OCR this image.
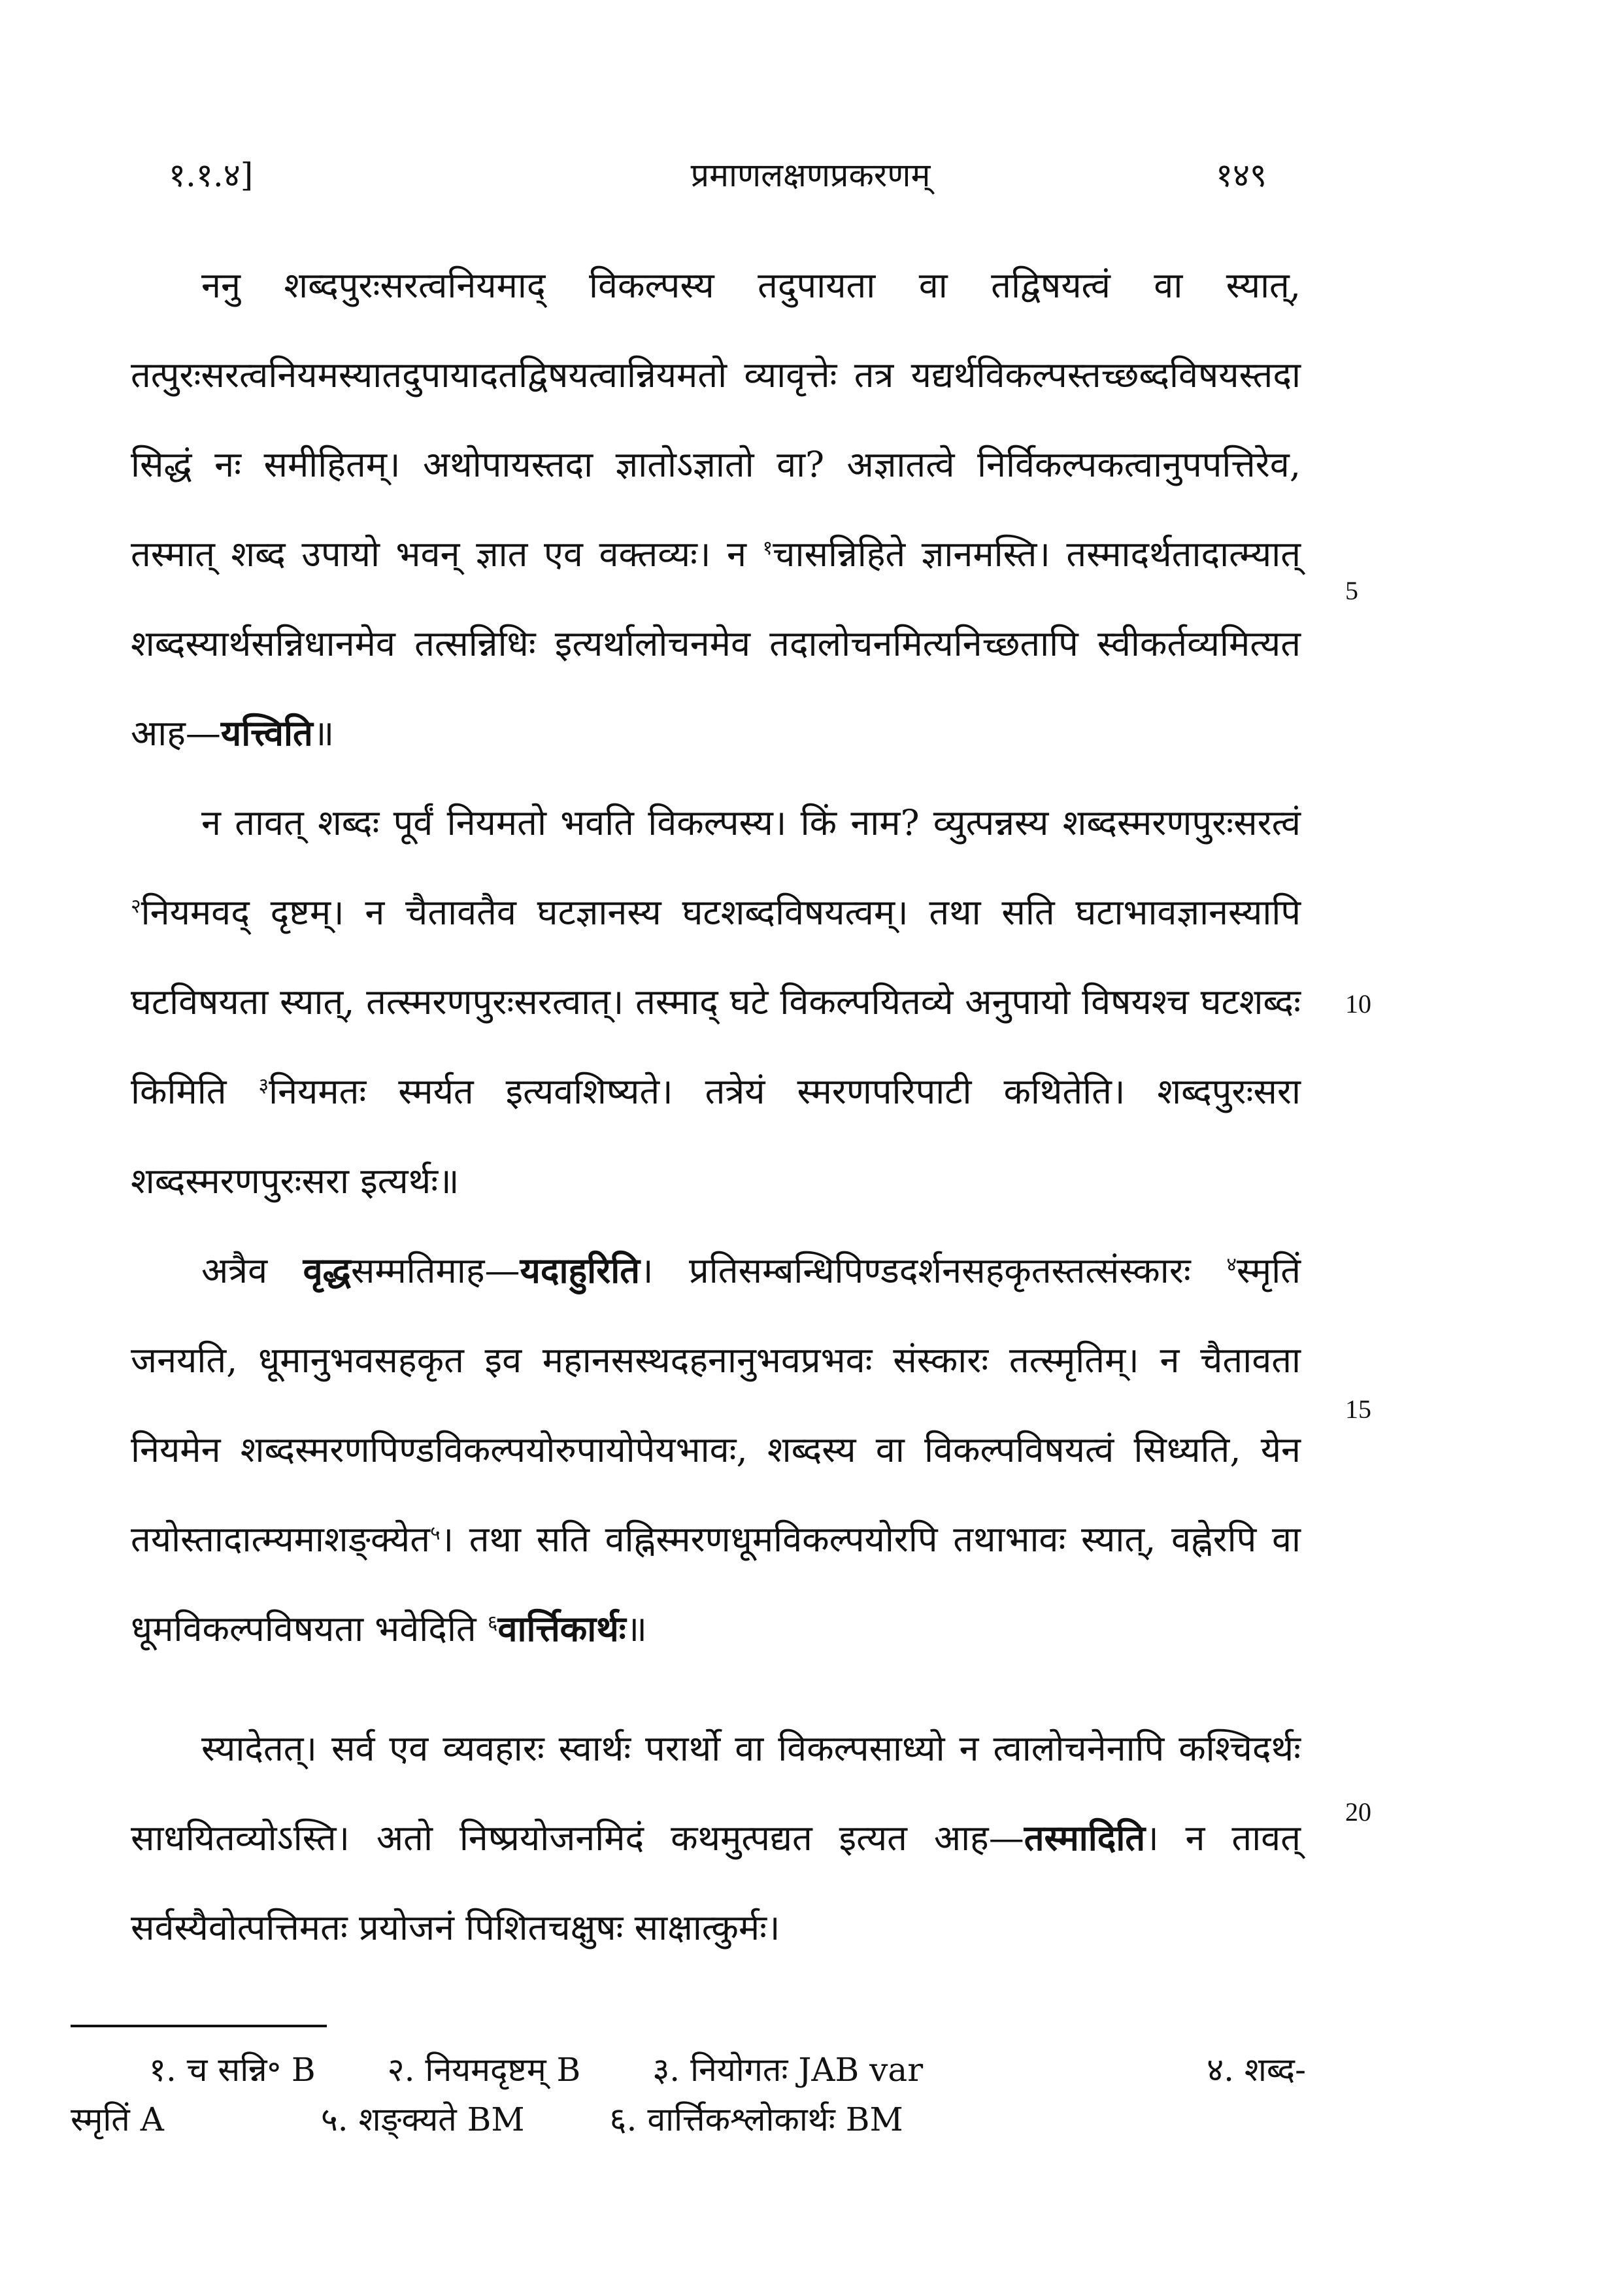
१.१.४]	प्रमाणलक्षणप्रकरणम्	१४९

ननु शब्दपुरःसरत्वनियमाद् विकल्पस्य तदुपायता वा तद्विषयत्वं वा स्यात्, तत्पुरःसरत्वनियमस्यातदुपायादतद्विषयत्वान्नियमतो व्यावृत्तेः तत्र यद्यर्थविकल्पस्तच्छब्दविषयस्तदा सिद्धं नः समीहितम्। अथोपायस्तदा ज्ञातोऽज्ञातो वा? अज्ञातत्वे निर्विकल्पकत्वानुपपत्तिरेव, तस्मात् शब्द उपायो भवन् ज्ञात एव वक्तव्यः। न $^१$चासन्निहिते ज्ञानमस्ति। तस्मादर्थतादात्म्यात् शब्दस्यार्थसन्निधानमेव तत्सन्निधिः इत्यर्थालोचनमेव तदालोचनमित्यनिच्छतापि स्वीकर्तव्यमित्यत आह—यत्त्विति॥

न तावत् शब्दः पूर्वं नियमतो भवति विकल्पस्य। किं नाम? व्युत्पन्नस्य शब्दस्मरणपुरःसरत्वं $^२$नियमवद् दृष्टम्। न चैतावतैव घटज्ञानस्य घटशब्दविषयत्वम्। तथा सति घटाभावज्ञानस्यापि घटविषयता स्यात्, तत्स्मरणपुरःसरत्वात्। तस्माद् घटे विकल्पयितव्ये अनुपायो विषयश्च घटशब्दः किमिति $^३$नियमतः स्मर्यत इत्यवशिष्यते। तत्रेयं स्मरणपरिपाटी कथितेति। शब्दपुरःसरा शब्दस्मरणपुरःसरा इत्यर्थः॥

अत्रैव वृद्धसम्मतिमाह—यदाहुरिति। प्रतिसम्बन्धिपिण्डदर्शनसहकृतस्तत्संस्कारः $^४$स्मृतिं जनयति, धूमानुभवसहकृत इव महानसस्थदहनानुभवप्रभवः संस्कारः तत्स्मृतिम्। न चैतावता नियमेन शब्दस्मरणपिण्डविकल्पयोरुपायोपेयभावः, शब्दस्य वा विकल्पविषयत्वं सिध्यति, येन तयोस्तादात्म्यमाशङ्क्येत$^५$। तथा सति वह्निस्मरणधूमविकल्पयोरपि तथाभावः स्यात्, वह्नेरपि वा धूमविकल्पविषयता भवेदिति $^६$वार्त्तिकार्थः॥

स्यादेतत्। सर्व एव व्यवहारः स्वार्थः परार्थो वा विकल्पसाध्यो न त्वालोचनेनापि कश्चिदर्थः साधयितव्योऽस्ति। अतो निष्प्रयोजनमिदं कथमुत्पद्यत इत्यत आह—तस्मादिति। न तावत् सर्वस्यैवोत्पत्तिमतः प्रयोजनं पिशितचक्षुषः साक्षात्कुर्मः।

5
10
15
20
१. च सन्नि॰ B २. नियमदृष्टम् B ३. नियोगतः JAB var	४. शब्द-
स्मृतिं A	५. शङ्क्यते BM	६. वार्त्तिकश्लोकार्थः BM
